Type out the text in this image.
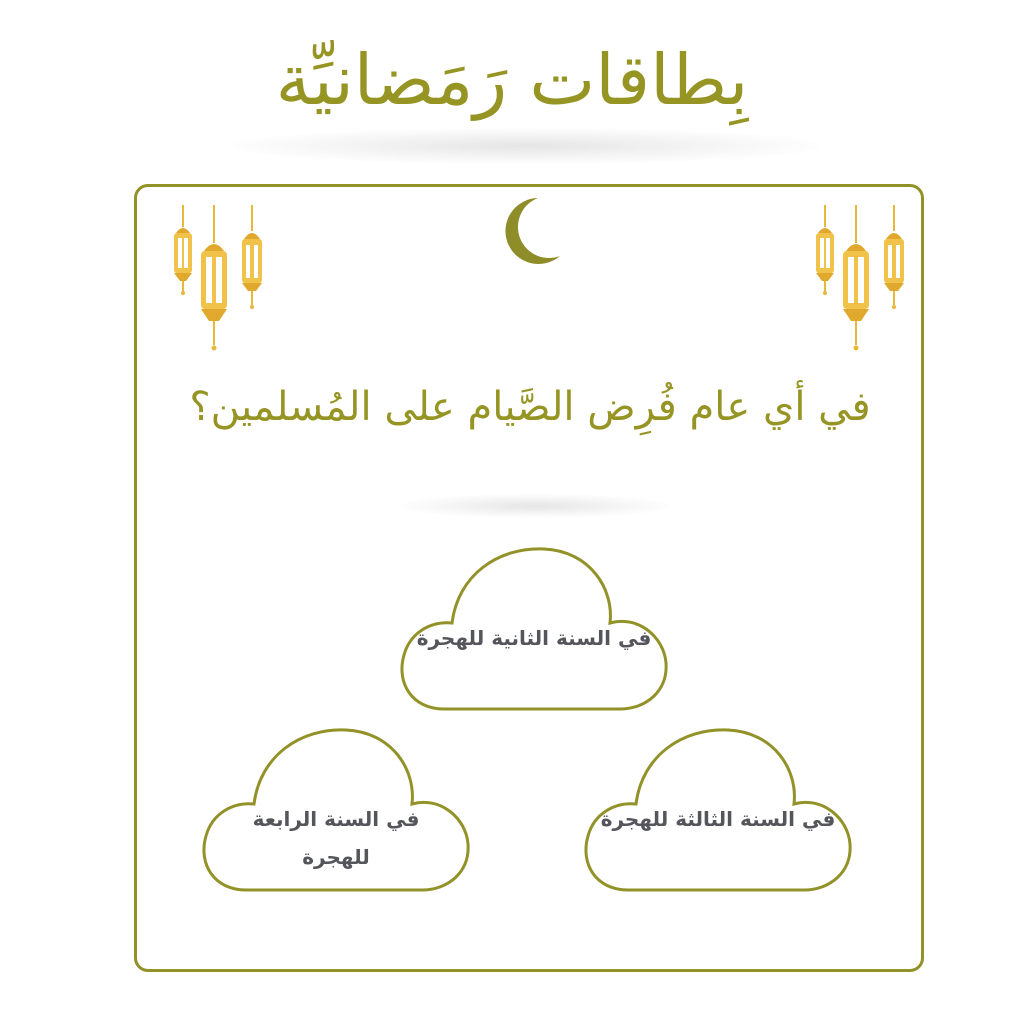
بِطاقات رَمَضانيِّة
في أي عام فُرِض الصَّيام على المُسلمين؟
في السنة الثانية للهجرة
في السنة الرابعة للهجرة
في السنة الثالثة للهجرة
